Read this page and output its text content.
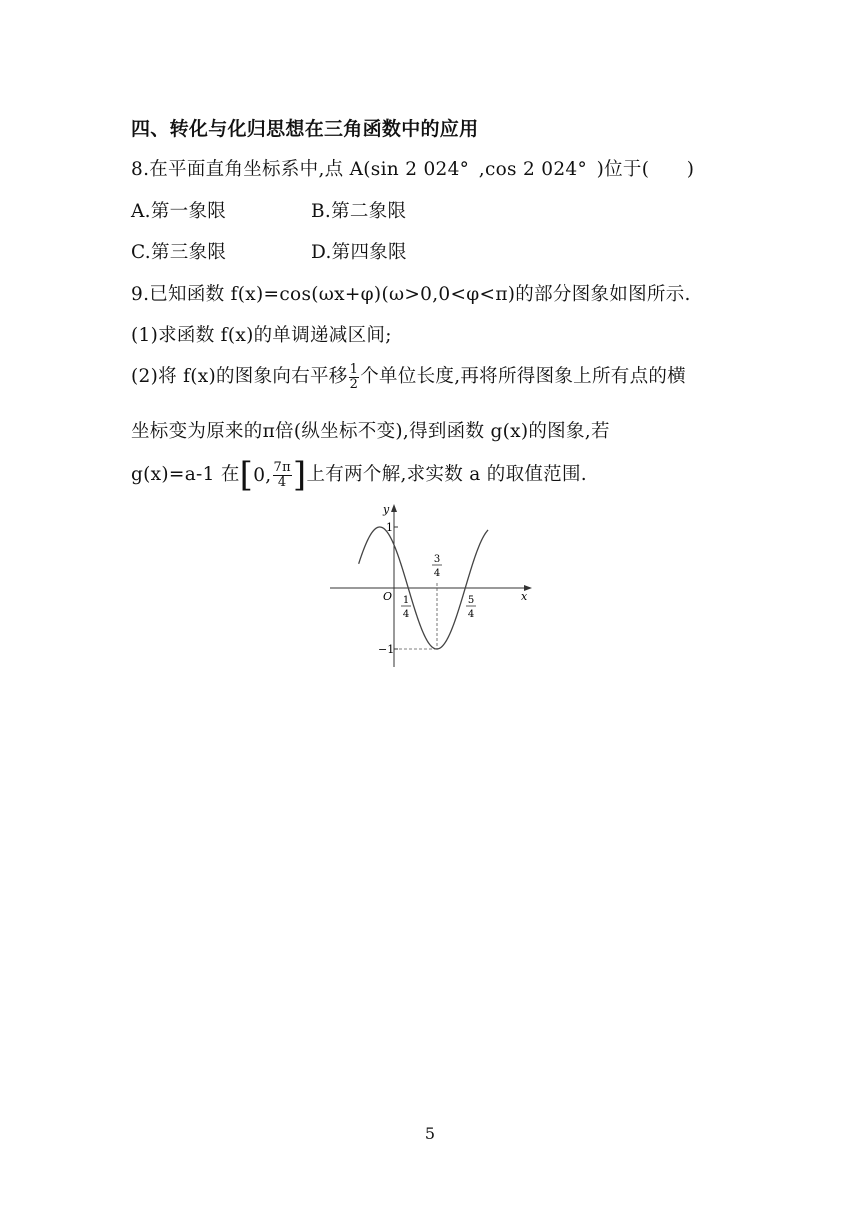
四、转化与化归思想在三角函数中的应用
8.在平面直角坐标系中,点 A(sin 2 024° ,cos 2 024° )位于(  )
A.第一象限	B.第二象限
C.第三象限	D.第四象限
9.已知函数 f(x)=cos(ωx+φ)(ω>0,0<φ<π)的部分图象如图所示.
(1)求函数 f(x)的单调递减区间;
(2)将 f(x)的图象向右平移 $\frac{1}{2}$ 个单位长度,再将所得图象上所有点的横
坐标变为原来的π倍(纵坐标不变),得到函数 g(x)的图象,若
g(x)=a-1 在 [ 0, $\frac{7\pi}{4}$ ] 上有两个解,求实数 a 的取值范围.
y
x
O
1
−1
1
4
3
4
5
4
5
